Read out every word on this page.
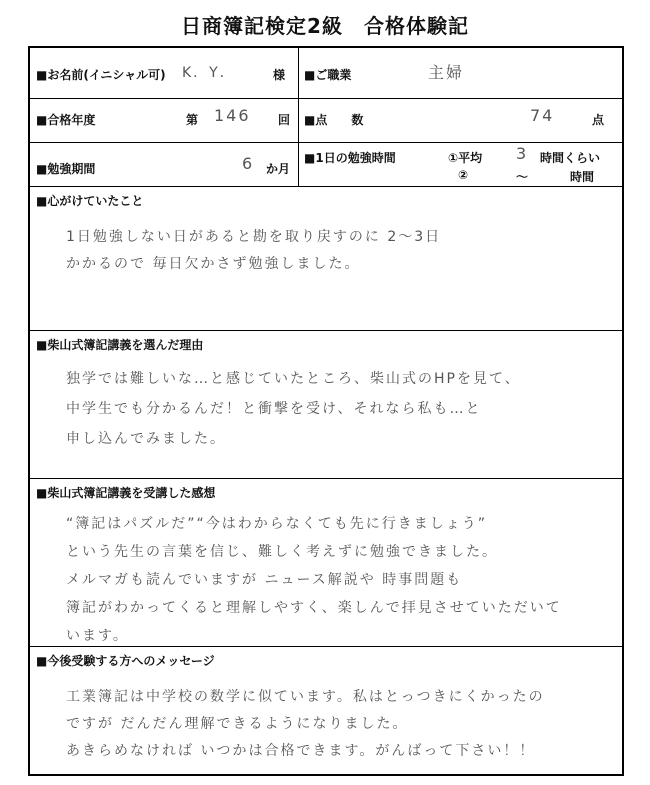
日商簿記検定2級　合格体験記
■お名前(イニシャル可) K．Y．	様 ■ご職業	主婦
■合格年度	第 146 回 ■点　　数	74	点
■勉強期間	6 か月
■1日の勉強時間	①平均 3 時間くらい
②	～	時間
■心がけていたこと
1日勉強しない日があると勘を取り戻すのに 2～3日
かかるので 毎日欠かさず勉強しました。
■柴山式簿記講義を選んだ理由
独学では難しいな…と感じていたところ、柴山式のHPを見て、
中学生でも分かるんだ！と衝撃を受け、それなら私も…と
申し込んでみました。
■柴山式簿記講義を受講した感想
“簿記はパズルだ”“今はわからなくても先に行きましょう”
という先生の言葉を信じ、難しく考えずに勉強できました。
メルマガも読んでいますが ニュース解説や 時事問題も
簿記がわかってくると理解しやすく、楽しんで拝見させていただいて
います。
■今後受験する方へのメッセージ
工業簿記は中学校の数学に似ています。私はとっつきにくかったの
ですが だんだん理解できるようになりました。
あきらめなければ いつかは合格できます。がんばって下さい！！
